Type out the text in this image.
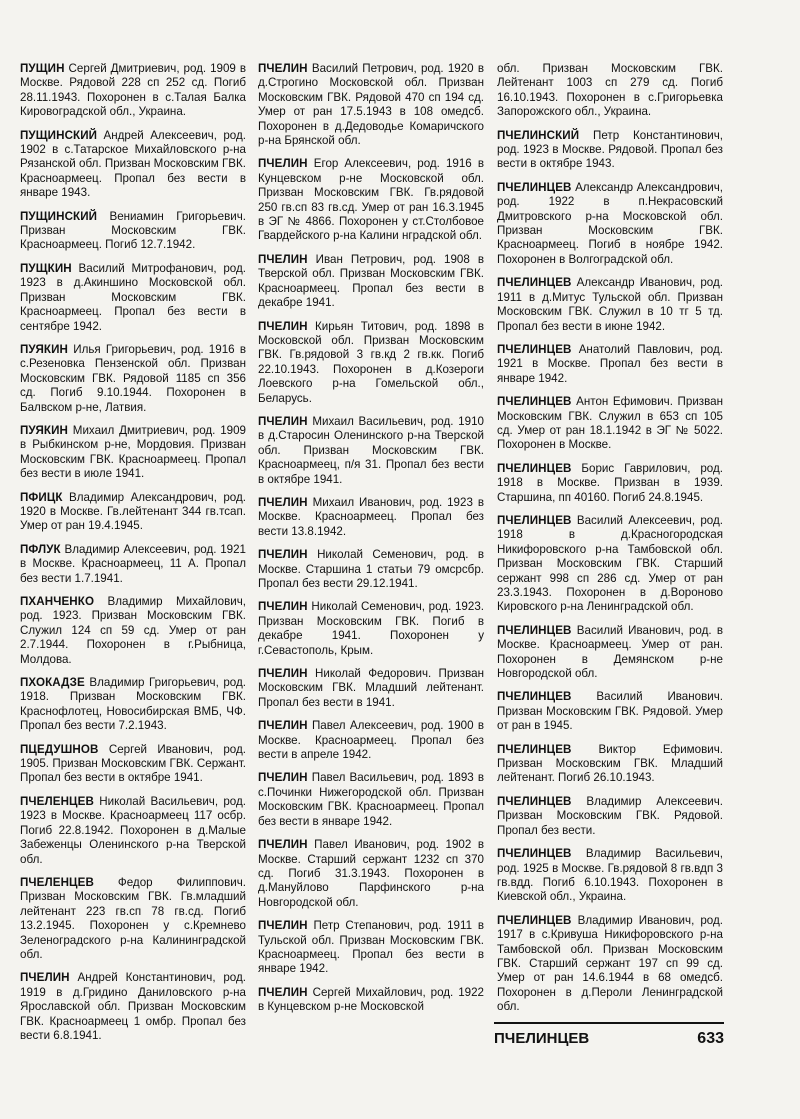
ПУЩИН Сергей Дмитриевич, род. 1909 в Москве. Рядовой 228 сп 252 сд. Погиб 28.11.1943. Похоронен в с.Талая Балка Кировоградской обл., Украина.

ПУЩИНСКИЙ Андрей Алексеевич, род. 1902 в с.Татарское Михайловского р-на Рязанской обл. Призван Московским ГВК. Красноармеец. Пропал без вести в январе 1943.

ПУЩИНСКИЙ Вениамин Григорьевич. Призван Московским ГВК. Красноармеец. Погиб 12.7.1942.

ПУЩКИН Василий Митрофанович, род. 1923 в д.Акиншино Московской обл. Призван Московским ГВК. Красноармеец. Пропал без вести в сентябре 1942.

ПУЯКИН Илья Григорьевич, род. 1916 в с.Резеновка Пензенской обл. Призван Московским ГВК. Рядовой 1185 сп 356 сд. Погиб 9.10.1944. Похоронен в Балвском р-не, Латвия.

ПУЯКИН Михаил Дмитриевич, род. 1909 в Рыбкинском р-не, Мордовия. Призван Московским ГВК. Красноармеец. Пропал без вести в июле 1941.

ПФИЦК Владимир Александрович, род. 1920 в Москве. Гв.лейтенант 344 гв.тсап. Умер от ран 19.4.1945.

ПФЛУК Владимир Алексеевич, род. 1921 в Москве. Красноармеец, 11 А. Пропал без вести 1.7.1941.

ПХАНЧЕНКО Владимир Михайлович, род. 1923. Призван Московским ГВК. Служил 124 сп 59 сд. Умер от ран 2.7.1944. Похоронен в г.Рыбница, Молдова.

ПХОКАДЗЕ Владимир Григорьевич, род. 1918. Призван Московским ГВК. Краснофлотец, Новосибирская ВМБ, ЧФ. Пропал без вести 7.2.1943.

ПЦЕДУШНОВ Сергей Иванович, род. 1905. Призван Московским ГВК. Сержант. Пропал без вести в октябре 1941.

ПЧЕЛЕНЦЕВ Николай Васильевич, род. 1923 в Москве. Красноармеец 117 осбр. Погиб 22.8.1942. Похоронен в д.Малые Забеженцы Оленинского р-на Тверской обл.

ПЧЕЛЕНЦЕВ Федор Филиппович. Призван Московским ГВК. Гв.младший лейтенант 223 гв.сп 78 гв.сд. Погиб 13.2.1945. Похоронен у с.Кремнево Зеленоградского р-на Калининградской обл.

ПЧЕЛИН Андрей Константинович, род. 1919 в д.Гридино Даниловского р-на Ярославской обл. Призван Московским ГВК. Красноармеец 1 омбр. Пропал без вести 6.8.1941.

ПЧЕЛИН Василий Петрович, род. 1920 в д.Строгино Московской обл. Призван Московским ГВК. Рядовой 470 сп 194 сд. Умер от ран 17.5.1943 в 108 омедсб. Похоронен в д.Дедоводье Комаричского р-на Брянской обл.

ПЧЕЛИН Егор Алексеевич, род. 1916 в Кунцевском р-не Московской обл. Призван Московским ГВК. Гв.рядовой 250 гв.сп 83 гв.сд. Умер от ран 16.3.1945 в ЭГ № 4866. Похоронен у ст.Столбовое Гвардейского р-на Калини нградской обл.

ПЧЕЛИН Иван Петрович, род. 1908 в Тверской обл. Призван Московским ГВК. Красноармеец. Пропал без вести в декабре 1941.

ПЧЕЛИН Кирьян Титович, род. 1898 в Московской обл. Призван Московским ГВК. Гв.рядовой 3 гв.кд 2 гв.кк. Погиб 22.10.1943. Похоронен в д.Козероги Лоевского р-на Гомельской обл., Беларусь.

ПЧЕЛИН Михаил Васильевич, род. 1910 в д.Старосин Оленинского р-на Тверской обл. Призван Московским ГВК. Красноармеец, п/я 31. Пропал без вести в октябре 1941.

ПЧЕЛИН Михаил Иванович, род. 1923 в Москве. Красноармеец. Пропал без вести 13.8.1942.

ПЧЕЛИН Николай Семенович, род. в Москве. Старшина 1 статьи 79 омсрсбр. Пропал без вести 29.12.1941.

ПЧЕЛИН Николай Семенович, род. 1923. Призван Московским ГВК. Погиб в декабре 1941. Похоронен у г.Севастополь, Крым.

ПЧЕЛИН Николай Федорович. Призван Московским ГВК. Младший лейтенант. Пропал без вести в 1941.

ПЧЕЛИН Павел Алексеевич, род. 1900 в Москве. Красноармеец. Пропал без вести в апреле 1942.

ПЧЕЛИН Павел Васильевич, род. 1893 в с.Починки Нижегородской обл. Призван Московским ГВК. Красноармеец. Пропал без вести в январе 1942.

ПЧЕЛИН Павел Иванович, род. 1902 в Москве. Старший сержант 1232 сп 370 сд. Погиб 31.3.1943. Похоронен в д.Мануйлово Парфинского р-на Новгородской обл.

ПЧЕЛИН Петр Степанович, род. 1911 в Тульской обл. Призван Московским ГВК. Красноармеец. Пропал без вести в январе 1942.

ПЧЕЛИН Сергей Михайлович, род. 1922 в Кунцевском р-не Московской

обл. Призван Московским ГВК. Лейтенант 1003 сп 279 сд. Погиб 16.10.1943. Похоронен в с.Григорьевка Запорожского обл., Украина.

ПЧЕЛИНСКИЙ Петр Константинович, род. 1923 в Москве. Рядовой. Пропал без вести в октябре 1943.

ПЧЕЛИНЦЕВ Александр Александрович, род. 1922 в п.Некрасовский Дмитровского р-на Московской обл. Призван Московским ГВК. Красноармеец. Погиб в ноябре 1942. Похоронен в Волгоградской обл.

ПЧЕЛИНЦЕВ Александр Иванович, род. 1911 в д.Митус Тульской обл. Призван Московским ГВК. Служил в 10 тг 5 тд. Пропал без вести в июне 1942.

ПЧЕЛИНЦЕВ Анатолий Павлович, род. 1921 в Москве. Пропал без вести в январе 1942.

ПЧЕЛИНЦЕВ Антон Ефимович. Призван Московским ГВК. Служил в 653 сп 105 сд. Умер от ран 18.1.1942 в ЭГ № 5022. Похоронен в Москве.

ПЧЕЛИНЦЕВ Борис Гаврилович, род. 1918 в Москве. Призван в 1939. Старшина, пп 40160. Погиб 24.8.1945.

ПЧЕЛИНЦЕВ Василий Алексеевич, род. 1918 в д.Красногородская Никифоровского р-на Тамбовской обл. Призван Московским ГВК. Старший сержант 998 сп 286 сд. Умер от ран 23.3.1943. Похоронен в д.Вороново Кировского р-на Ленинградской обл.

ПЧЕЛИНЦЕВ Василий Иванович, род. в Москве. Красноармеец. Умер от ран. Похоронен в Демянском р-не Новгородской обл.

ПЧЕЛИНЦЕВ Василий Иванович. Призван Московским ГВК. Рядовой. Умер от ран в 1945.

ПЧЕЛИНЦЕВ Виктор Ефимович. Призван Московским ГВК. Младший лейтенант. Погиб 26.10.1943.

ПЧЕЛИНЦЕВ Владимир Алексеевич. Призван Московским ГВК. Рядовой. Пропал без вести.

ПЧЕЛИНЦЕВ Владимир Васильевич, род. 1925 в Москве. Гв.рядовой 8 гв.вдп 3 гв.вдд. Погиб 6.10.1943. Похоронен в Киевской обл., Украина.

ПЧЕЛИНЦЕВ Владимир Иванович, род. 1917 в с.Кривуша Никифоровского р-на Тамбовской обл. Призван Московским ГВК. Старший сержант 197 сп 99 сд. Умер от ран 14.6.1944 в 68 омедсб. Похоронен в д.Пероли Ленинградской обл.

ПЧЕЛИНЦЕВ	633
